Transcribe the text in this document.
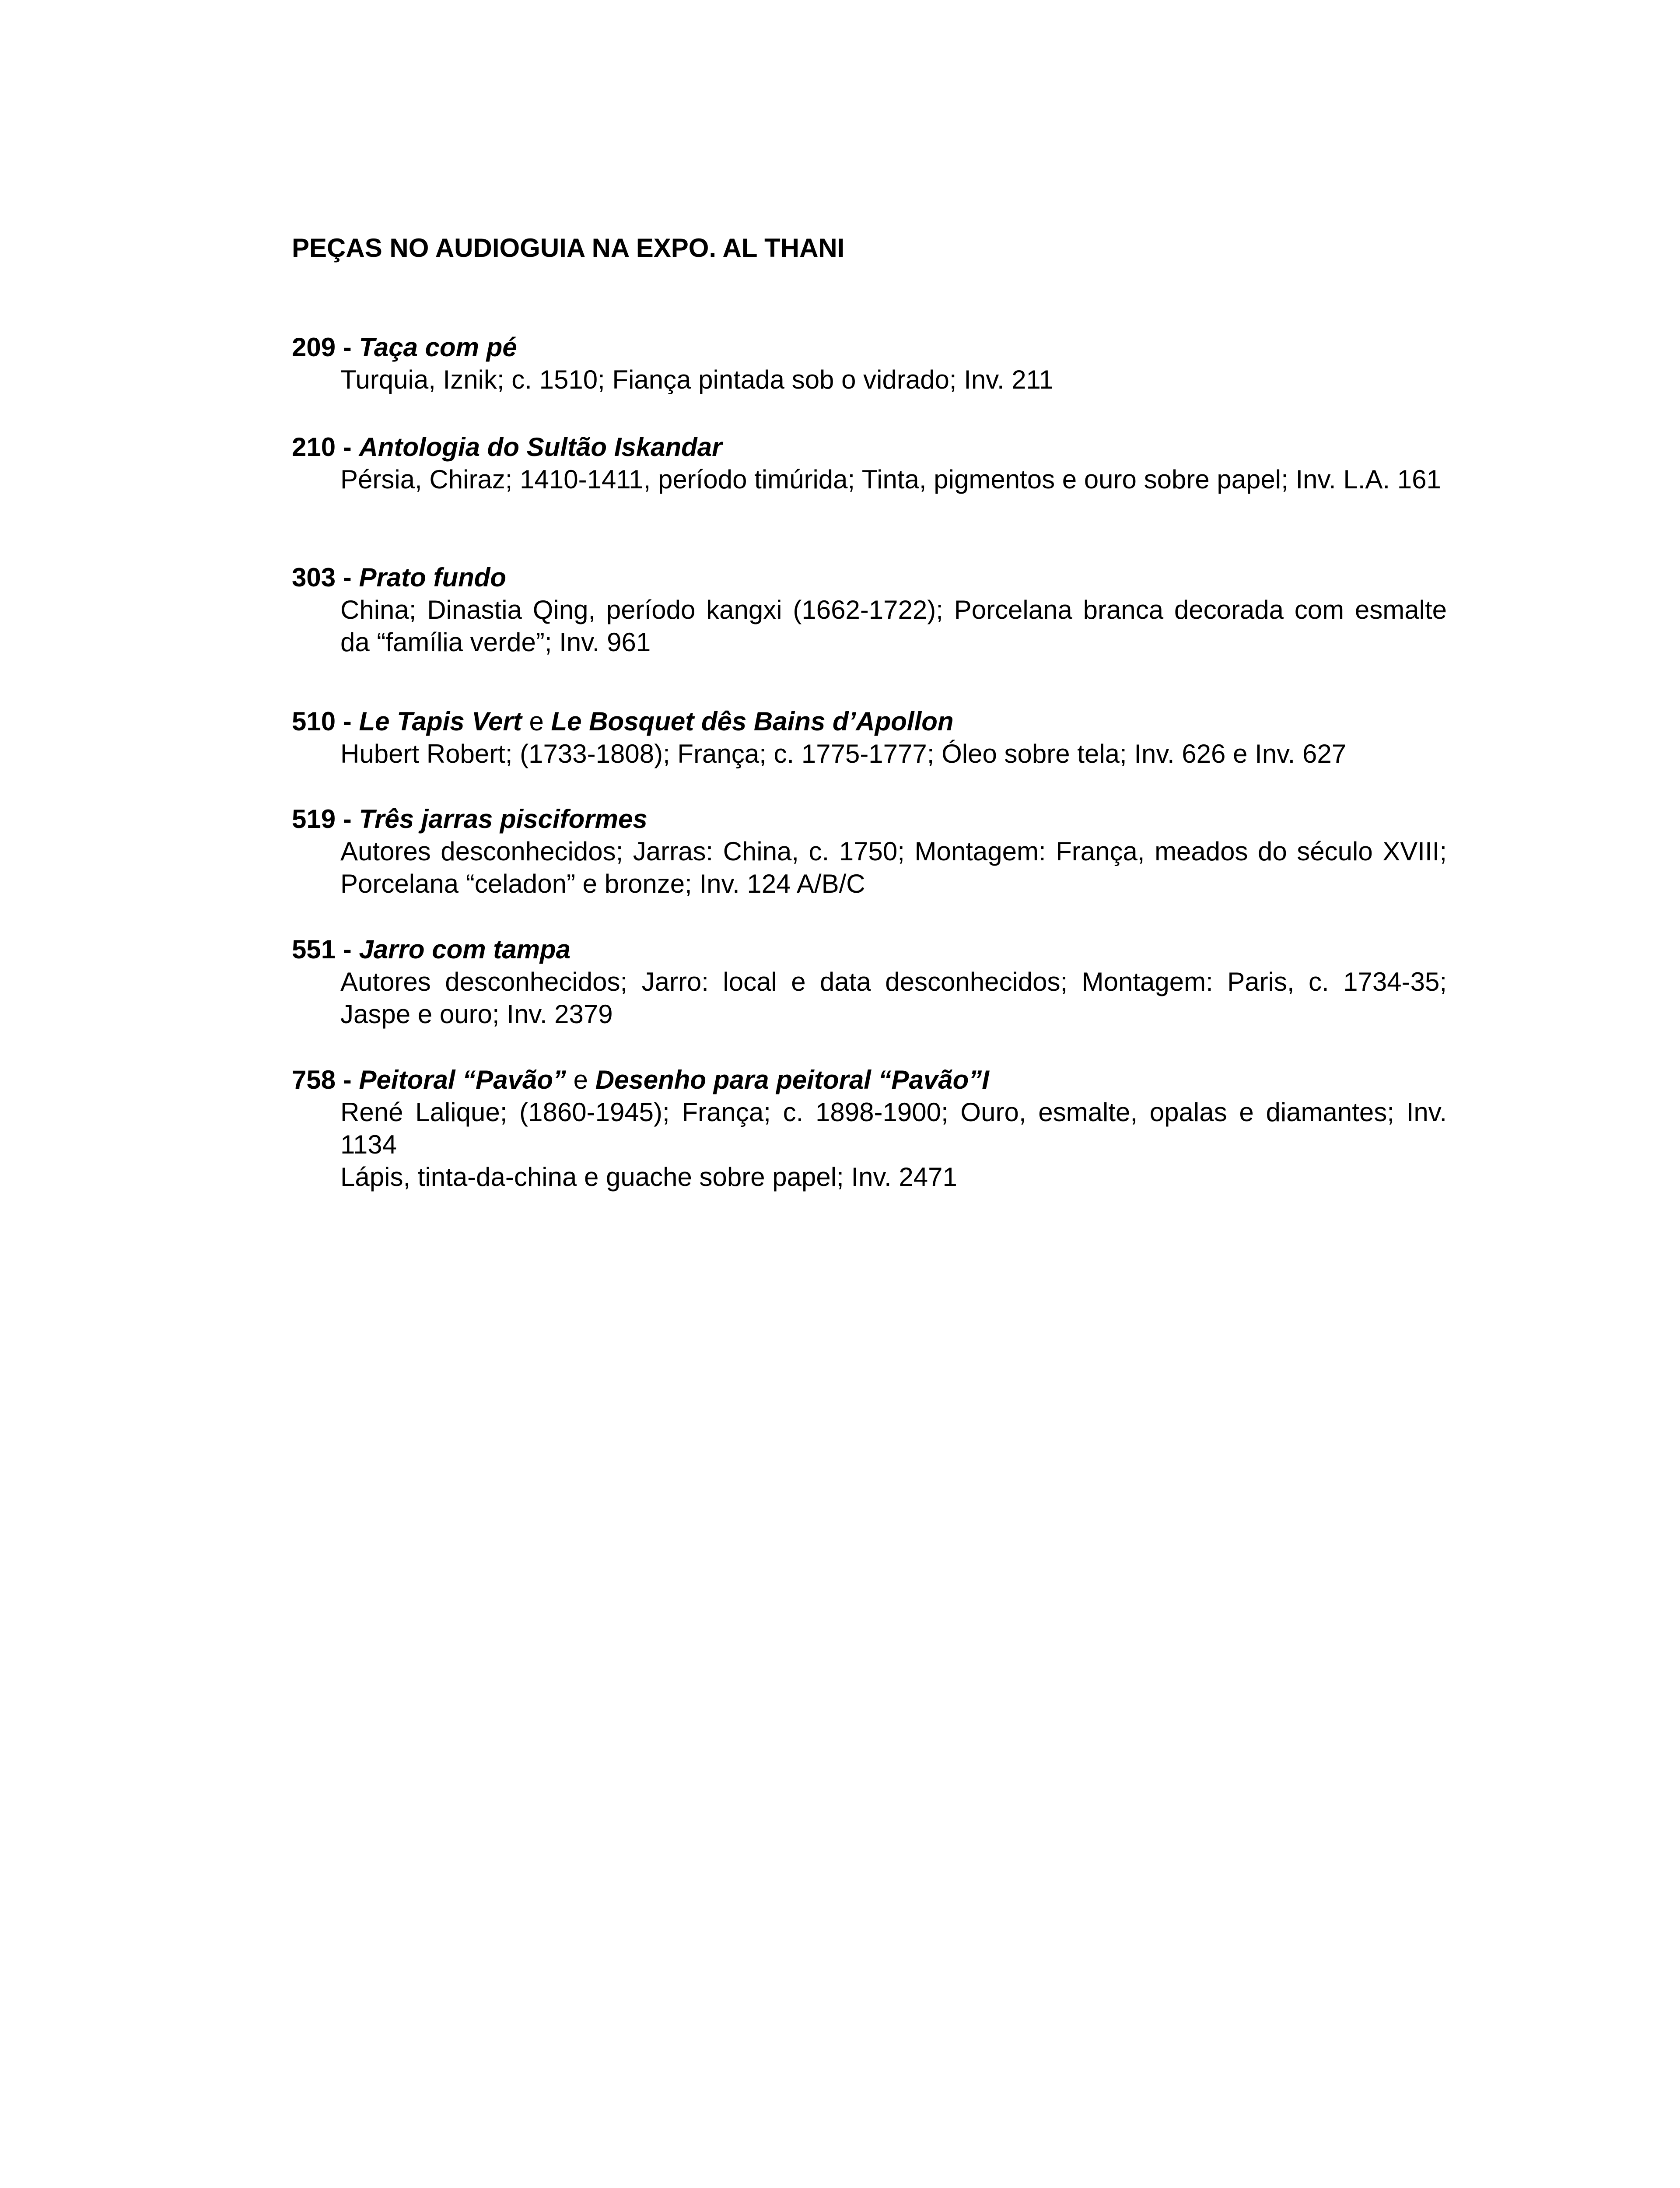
PEÇAS NO AUDIOGUIA NA EXPO. AL THANI
209 - Taça com pé

Turquia, Iznik; c. 1510; Fiança pintada sob o vidrado; Inv. 211

210 - Antologia do Sultão Iskandar

Pérsia, Chiraz; 1410-1411, período timúrida; Tinta, pigmentos e ouro sobre papel; Inv. L.A. 161

303 - Prato fundo

China; Dinastia Qing, período kangxi (1662-1722); Porcelana branca decorada com esmalte da “família verde”; Inv. 961

510 - Le Tapis Vert e Le Bosquet dês Bains d’Apollon

Hubert Robert; (1733-1808); França; c. 1775-1777; Óleo sobre tela; Inv. 626 e Inv. 627

519 - Três jarras pisciformes

Autores desconhecidos; Jarras: China, c. 1750; Montagem: França, meados do século XVIII; Porcelana “celadon” e bronze; Inv. 124 A/B/C

551 - Jarro com tampa

Autores desconhecidos; Jarro: local e data desconhecidos; Montagem: Paris, c. 1734-35; Jaspe e ouro; Inv. 2379

758 - Peitoral “Pavão” e Desenho para peitoral “Pavão”I

René Lalique; (1860-1945); França; c. 1898-1900; Ouro, esmalte, opalas e diamantes; Inv. 1134

Lápis, tinta-da-china e guache sobre papel; Inv. 2471
